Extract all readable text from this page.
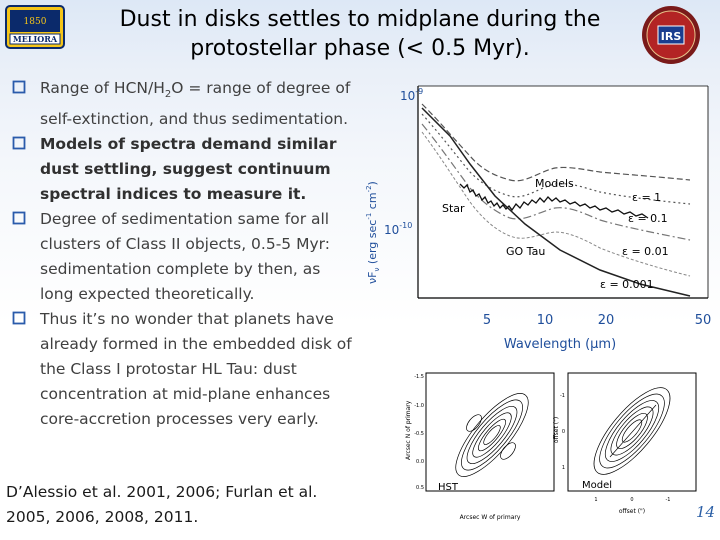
1850
MELIORA
Dust in disks settles to midplane during the
protostellar phase (< 0.5 Myr).	IRS
Range of HCN/$H_2O$ = range of degree of self-extinction, and thus sedimentation.
Models of spectra demand similar dust settling, suggest continuum spectral indices to measure it.
Degree of sedimentation same for all clusters of Class II objects, 0.5-5 Myr: sedimentation complete by then, as long expected theoretically.
Thus it’s no wonder that planets have already formed in the embedded disk of the Class I protostar HL Tau: dust concentration at mid-plane enhances core-accretion processes very early.
D’Alessio et al. 2001, 2006; Furlan et al.
2005, 2006, 2008, 2011.
$10^{-9}$
$10^{-10}$
$\nu F_\nu$ (erg $\sec^{-1} cm^{-2}$)
5	10	20	50
Wavelength (μm)
Models
Star
GO Tau
ε = 1
ε = 0.1
ε = 0.01
ε = 0.001
Arcsec N of primary
-1.5
-1.0
-0.5
0.0
0.5 HST
Arcsec W of primary
offset (")
-1
0
1
Model
1	0	-1
offset (")	14
